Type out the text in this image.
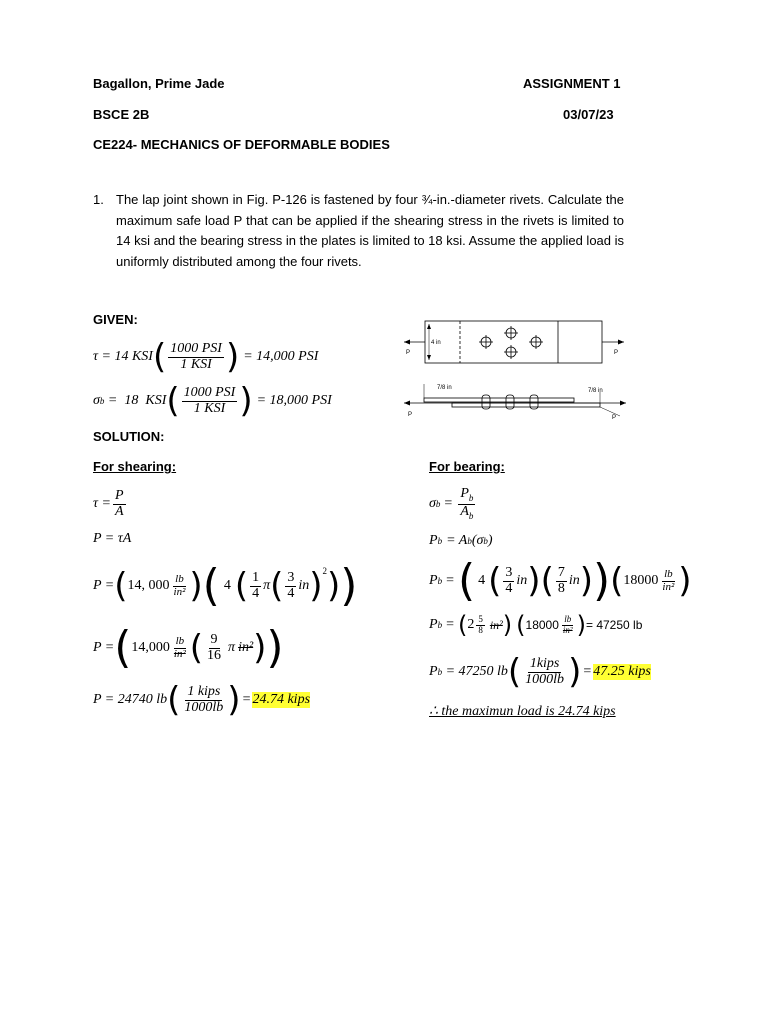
Bagallon, Prime Jade	ASSIGNMENT 1
BSCE 2B	03/07/23
CE224- MECHANICS OF DEFORMABLE BODIES
1. The lap joint shown in Fig. P-126 is fastened by four ¾-in.-diameter rivets. Calculate the maximum safe load P that can be applied if the shearing stress in the rivets is limited to 14 ksi and the bearing stress in the plates is limited to 18 ksi. Assume the applied load is uniformly distributed among the four rivets.
GIVEN:
τ = 14 KSI ( $\frac{\text{1000 PSI}}{\text{1 KSI}}$ ) = 14,000 PSI
σ b =  18  KSI ( $\frac{\text{1000 PSI}}{\text{1 KSI}}$ ) = 18,000 PSI
4 in
P	P
7/8 in	7/8 in
P	P
SOLUTION:
For shearing:
$\tau = \frac{P}{A}$
P = τA
P = ( 14, $000 \frac{lb}{\text{in²}}$ ) ( 4 ( $\frac{1}{4}$ π ( $\frac{3}{4}$ in )$^2$ ) )
P = ( $14,000 \frac{lb}{\text{in²}}$ ( $\frac{9}{16}$ π in² ) )
P = 24740 lb ( $\frac{\text{1 kips}}{1000lb}$ ) = 24.74 kips
For bearing:
σ $b = \frac{P_b}{A_b}$
P b = A b (σ b )
P b = ( 4 ( $\frac{3}{4}$ in ) ( $\frac{7}{8}$ in ) ) ( $18000 \frac{lb}{\text{in²}}$ )
P b = ( $2 \frac{5}{8} in^2$ ) ( $18000 \frac{lb}{\text{in²}}$ ) = 47250 lb
P b = 47250 lb ( $\frac{\text{1kips}}{1000lb}$ ) = 47.25 kips
∴ the maximun load is 24.74 kips
